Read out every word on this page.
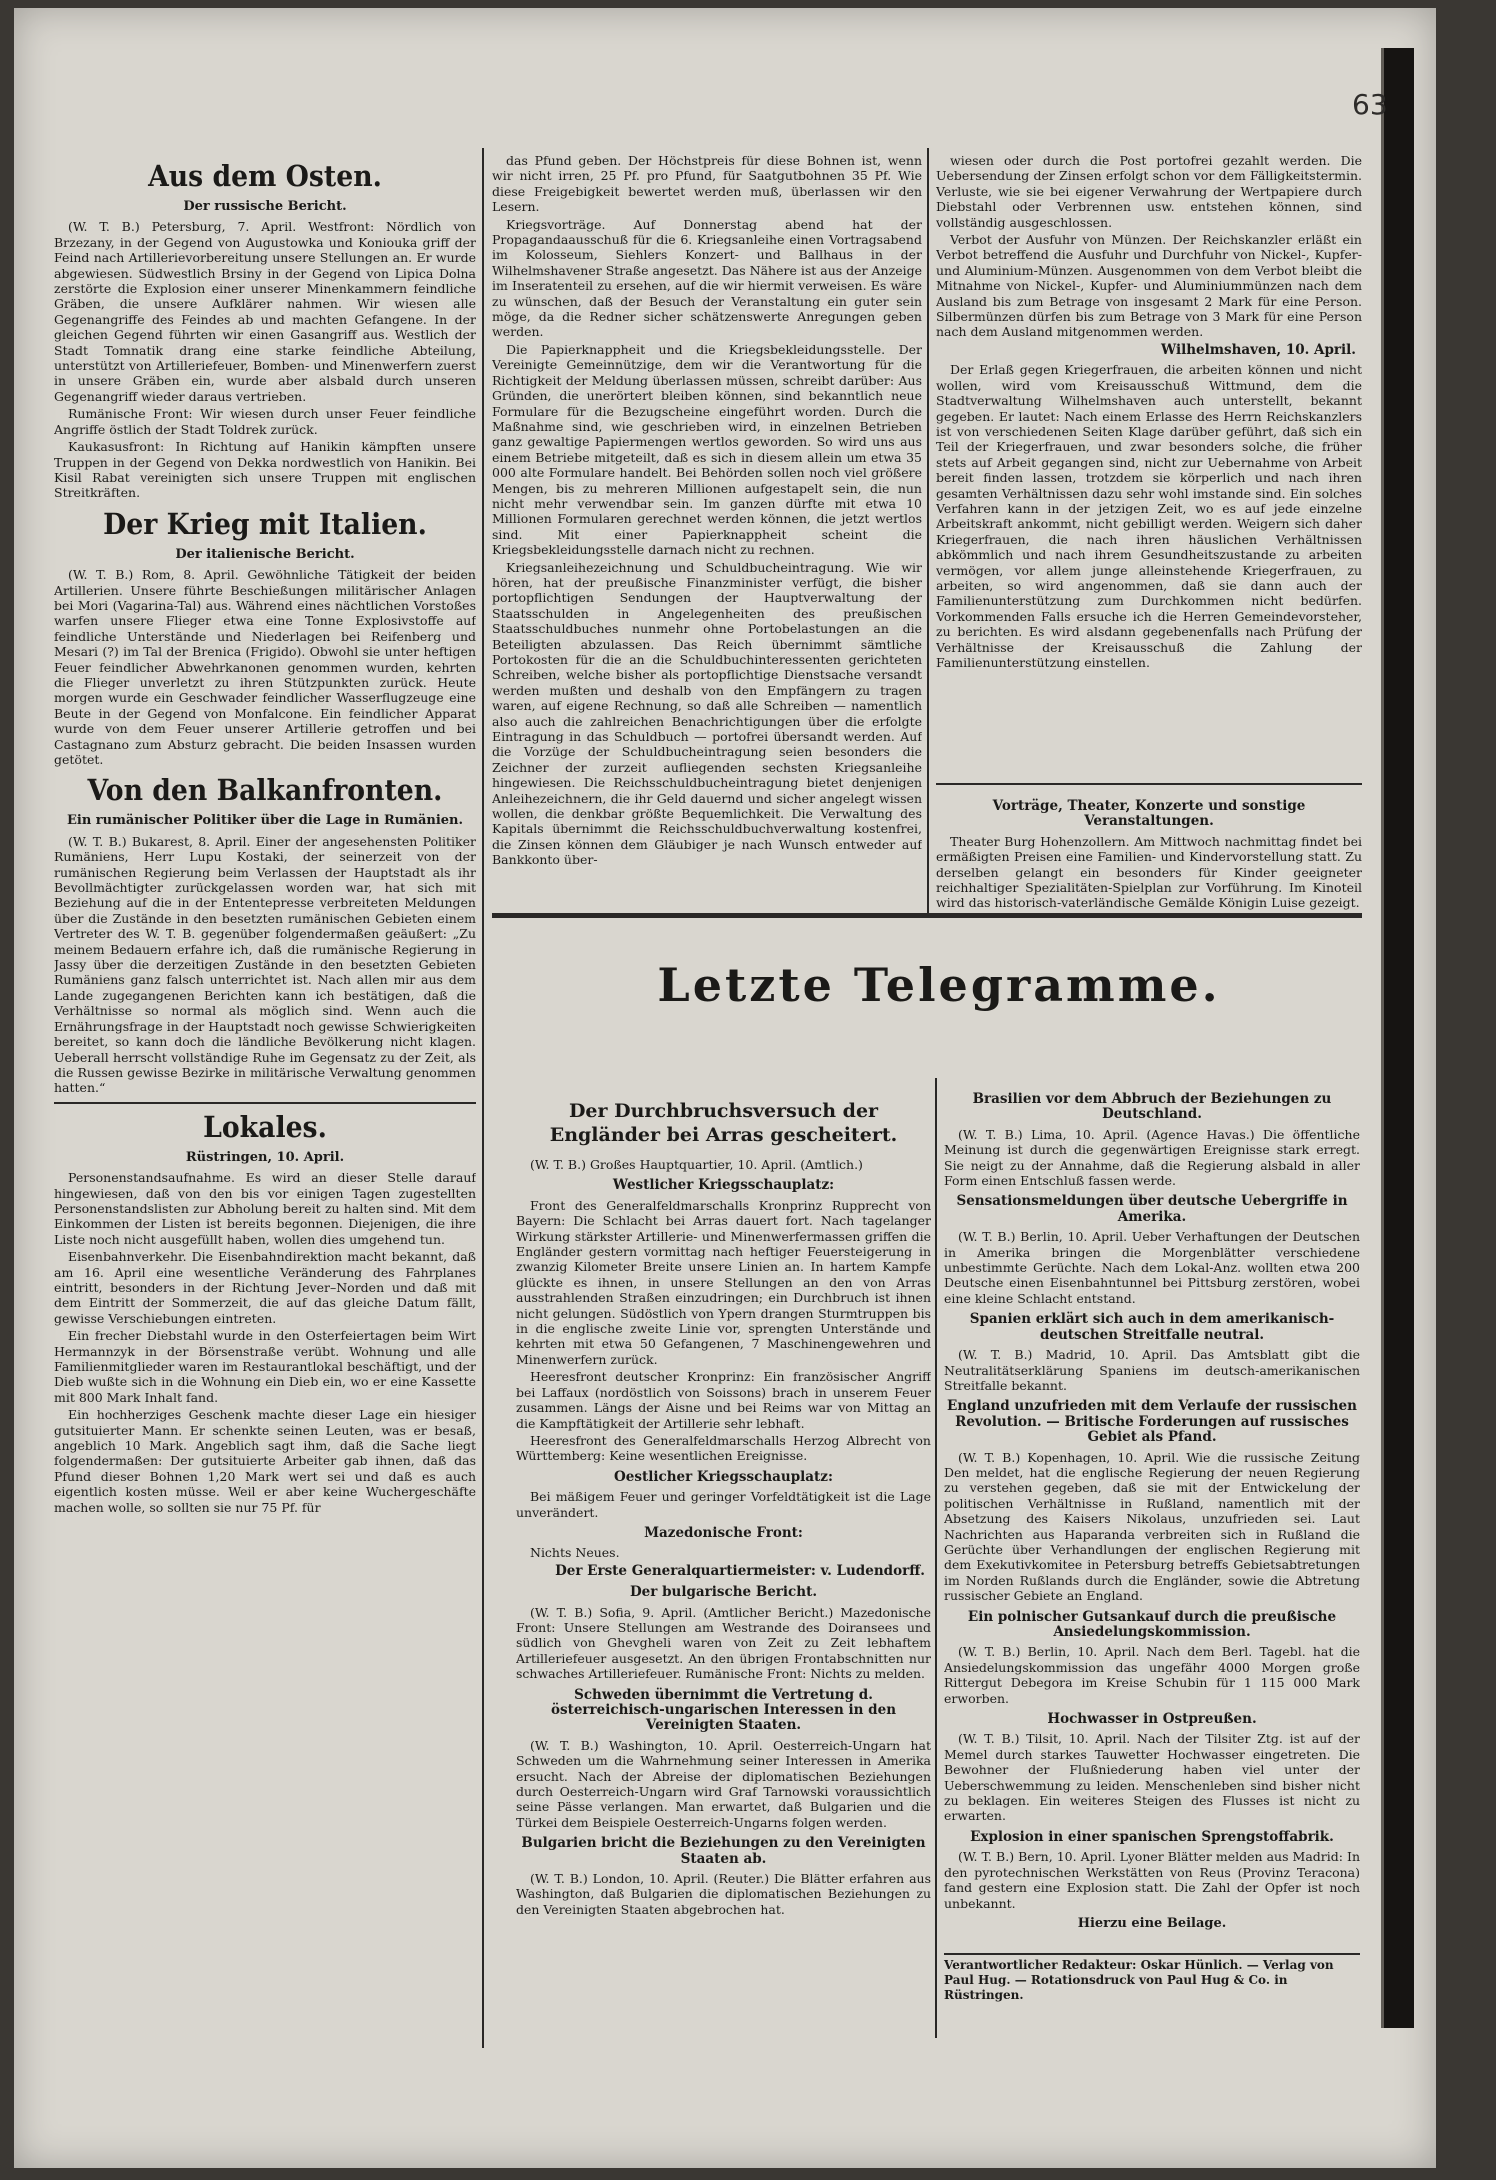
63
Aus dem Osten.
Der russische Bericht.

(W. T. B.) Petersburg, 7. April. Westfront: Nördlich von Brzezany, in der Gegend von Augustowka und Koniouka griff der Feind nach Artillerievorbereitung unsere Stellungen an. Er wurde abgewiesen. Südwestlich Brsiny in der Gegend von Lipica Dolna zerstörte die Explosion einer unserer Minenkammern feindliche Gräben, die unsere Aufklärer nahmen. Wir wiesen alle Gegenangriffe des Feindes ab und machten Gefangene. In der gleichen Gegend führten wir einen Gasangriff aus. Westlich der Stadt Tomnatik drang eine starke feindliche Abteilung, unterstützt von Artilleriefeuer, Bomben- und Minenwerfern zuerst in unsere Gräben ein, wurde aber alsbald durch unseren Gegenangriff wieder daraus vertrieben.

Rumänische Front: Wir wiesen durch unser Feuer feindliche Angriffe östlich der Stadt Toldrek zurück.

Kaukasusfront: In Richtung auf Hanikin kämpften unsere Truppen in der Gegend von Dekka nordwestlich von Hanikin. Bei Kisil Rabat vereinigten sich unsere Truppen mit englischen Streitkräften.

Der Krieg mit Italien.
Der italienische Bericht.

(W. T. B.) Rom, 8. April. Gewöhnliche Tätigkeit der beiden Artillerien. Unsere führte Beschießungen militärischer Anlagen bei Mori (Vagarina-Tal) aus. Während eines nächtlichen Vorstoßes warfen unsere Flieger etwa eine Tonne Explosivstoffe auf feindliche Unterstände und Niederlagen bei Reifenberg und Mesari (?) im Tal der Brenica (Frigido). Obwohl sie unter heftigen Feuer feindlicher Abwehrkanonen genommen wurden, kehrten die Flieger unverletzt zu ihren Stützpunkten zurück. Heute morgen wurde ein Geschwader feindlicher Wasserflugzeuge eine Beute in der Gegend von Monfalcone. Ein feindlicher Apparat wurde von dem Feuer unserer Artillerie getroffen und bei Castagnano zum Absturz gebracht. Die beiden Insassen wurden getötet.

Von den Balkanfronten.
Ein rumänischer Politiker über die Lage in Rumänien.

(W. T. B.) Bukarest, 8. April. Einer der angesehensten Politiker Rumäniens, Herr Lupu Kostaki, der seinerzeit von der rumänischen Regierung beim Verlassen der Hauptstadt als ihr Bevollmächtigter zurückgelassen worden war, hat sich mit Beziehung auf die in der Ententepresse verbreiteten Meldungen über die Zustände in den besetzten rumänischen Gebieten einem Vertreter des W. T. B. gegenüber folgendermaßen geäußert: „Zu meinem Bedauern erfahre ich, daß die rumänische Regierung in Jassy über die derzeitigen Zustände in den besetzten Gebieten Rumäniens ganz falsch unterrichtet ist. Nach allen mir aus dem Lande zugegangenen Berichten kann ich bestätigen, daß die Verhältnisse so normal als möglich sind. Wenn auch die Ernährungsfrage in der Hauptstadt noch gewisse Schwierigkeiten bereitet, so kann doch die ländliche Bevölkerung nicht klagen. Ueberall herrscht vollständige Ruhe im Gegensatz zu der Zeit, als die Russen gewisse Bezirke in militärische Verwaltung genommen hatten.“

Lokales.
Rüstringen, 10. April.

Personenstandsaufnahme. Es wird an dieser Stelle darauf hingewiesen, daß von den bis vor einigen Tagen zugestellten Personenstandslisten zur Abholung bereit zu halten sind. Mit dem Einkommen der Listen ist bereits begonnen. Diejenigen, die ihre Liste noch nicht ausgefüllt haben, wollen dies umgehend tun.

Eisenbahnverkehr. Die Eisenbahndirektion macht bekannt, daß am 16. April eine wesentliche Veränderung des Fahrplanes eintritt, besonders in der Richtung Jever–Norden und daß mit dem Eintritt der Sommerzeit, die auf das gleiche Datum fällt, gewisse Verschiebungen eintreten.

Ein frecher Diebstahl wurde in den Osterfeiertagen beim Wirt Hermannzyk in der Börsenstraße verübt. Wohnung und alle Familienmitglieder waren im Restaurantlokal beschäftigt, und der Dieb wußte sich in die Wohnung ein Dieb ein, wo er eine Kassette mit 800 Mark Inhalt fand.

Ein hochherziges Geschenk machte dieser Lage ein hiesiger gutsituierter Mann. Er schenkte seinen Leuten, was er besaß, angeblich 10 Mark. Angeblich sagt ihm, daß die Sache liegt folgendermaßen: Der gutsituierte Arbeiter gab ihnen, daß das Pfund dieser Bohnen 1,20 Mark wert sei und daß es auch eigentlich kosten müsse. Weil er aber keine Wuchergeschäfte machen wolle, so sollten sie nur 75 Pf. für

das Pfund geben. Der Höchstpreis für diese Bohnen ist, wenn wir nicht irren, 25 Pf. pro Pfund, für Saatgutbohnen 35 Pf. Wie diese Freigebigkeit bewertet werden muß, überlassen wir den Lesern.

Kriegsvorträge. Auf Donnerstag abend hat der Propagandaausschuß für die 6. Kriegsanleihe einen Vortragsabend im Kolosseum, Siehlers Konzert- und Ballhaus in der Wilhelmshavener Straße angesetzt. Das Nähere ist aus der Anzeige im Inseratenteil zu ersehen, auf die wir hiermit verweisen. Es wäre zu wünschen, daß der Besuch der Veranstaltung ein guter sein möge, da die Redner sicher schätzenswerte Anregungen geben werden.

Die Papierknappheit und die Kriegsbekleidungsstelle. Der Vereinigte Gemeinnützige, dem wir die Verantwortung für die Richtigkeit der Meldung überlassen müssen, schreibt darüber: Aus Gründen, die unerörtert bleiben können, sind bekanntlich neue Formulare für die Bezugscheine eingeführt worden. Durch die Maßnahme sind, wie geschrieben wird, in einzelnen Betrieben ganz gewaltige Papiermengen wertlos geworden. So wird uns aus einem Betriebe mitgeteilt, daß es sich in diesem allein um etwa 35 000 alte Formulare handelt. Bei Behörden sollen noch viel größere Mengen, bis zu mehreren Millionen aufgestapelt sein, die nun nicht mehr verwendbar sein. Im ganzen dürfte mit etwa 10 Millionen Formularen gerechnet werden können, die jetzt wertlos sind. Mit einer Papierknappheit scheint die Kriegsbekleidungsstelle darnach nicht zu rechnen.

Kriegsanleihezeichnung und Schuldbucheintragung. Wie wir hören, hat der preußische Finanzminister verfügt, die bisher portopflichtigen Sendungen der Hauptverwaltung der Staatsschulden in Angelegenheiten des preußischen Staatsschuldbuches nunmehr ohne Portobelastungen an die Beteiligten abzulassen. Das Reich übernimmt sämtliche Portokosten für die an die Schuldbuchinteressenten gerichteten Schreiben, welche bisher als portopflichtige Dienstsache versandt werden mußten und deshalb von den Empfängern zu tragen waren, auf eigene Rechnung, so daß alle Schreiben — namentlich also auch die zahlreichen Benachrichtigungen über die erfolgte Eintragung in das Schuldbuch — portofrei übersandt werden. Auf die Vorzüge der Schuldbucheintragung seien besonders die Zeichner der zurzeit aufliegenden sechsten Kriegsanleihe hingewiesen. Die Reichsschuldbucheintragung bietet denjenigen Anleihezeichnern, die ihr Geld dauernd und sicher angelegt wissen wollen, die denkbar größte Bequemlichkeit. Die Verwaltung des Kapitals übernimmt die Reichsschuldbuchverwaltung kostenfrei, die Zinsen können dem Gläubiger je nach Wunsch entweder auf Bankkonto über-

wiesen oder durch die Post portofrei gezahlt werden. Die Uebersendung der Zinsen erfolgt schon vor dem Fälligkeitstermin. Verluste, wie sie bei eigener Verwahrung der Wertpapiere durch Diebstahl oder Verbrennen usw. entstehen können, sind vollständig ausgeschlossen.

Verbot der Ausfuhr von Münzen. Der Reichskanzler erläßt ein Verbot betreffend die Ausfuhr und Durchfuhr von Nickel-, Kupfer- und Aluminium-Münzen. Ausgenommen von dem Verbot bleibt die Mitnahme von Nickel-, Kupfer- und Aluminiummünzen nach dem Ausland bis zum Betrage von insgesamt 2 Mark für eine Person. Silbermünzen dürfen bis zum Betrage von 3 Mark für eine Person nach dem Ausland mitgenommen werden.

Wilhelmshaven, 10. April.

Der Erlaß gegen Kriegerfrauen, die arbeiten können und nicht wollen, wird vom Kreisausschuß Wittmund, dem die Stadtverwaltung Wilhelmshaven auch unterstellt, bekannt gegeben. Er lautet: Nach einem Erlasse des Herrn Reichskanzlers ist von verschiedenen Seiten Klage darüber geführt, daß sich ein Teil der Kriegerfrauen, und zwar besonders solche, die früher stets auf Arbeit gegangen sind, nicht zur Uebernahme von Arbeit bereit finden lassen, trotzdem sie körperlich und nach ihren gesamten Verhältnissen dazu sehr wohl imstande sind. Ein solches Verfahren kann in der jetzigen Zeit, wo es auf jede einzelne Arbeitskraft ankommt, nicht gebilligt werden. Weigern sich daher Kriegerfrauen, die nach ihren häuslichen Verhältnissen abkömmlich und nach ihrem Gesundheitszustande zu arbeiten vermögen, vor allem junge alleinstehende Kriegerfrauen, zu arbeiten, so wird angenommen, daß sie dann auch der Familienunterstützung zum Durchkommen nicht bedürfen. Vorkommenden Falls ersuche ich die Herren Gemeindevorsteher, zu berichten. Es wird alsdann gegebenenfalls nach Prüfung der Verhältnisse der Kreisausschuß die Zahlung der Familienunterstützung einstellen.

Vorträge, Theater, Konzerte und sonstige Veranstaltungen.

Theater Burg Hohenzollern. Am Mittwoch nachmittag findet bei ermäßigten Preisen eine Familien- und Kindervorstellung statt. Zu derselben gelangt ein besonders für Kinder geeigneter reichhaltiger Spezialitäten-Spielplan zur Vorführung. Im Kinoteil wird das historisch-vaterländische Gemälde Königin Luise gezeigt.

Letzte Telegramme.
Der Durchbruchsversuch der Engländer bei Arras gescheitert.

(W. T. B.) Großes Hauptquartier, 10. April. (Amtlich.)

Westlicher Kriegsschauplatz:

Front des Generalfeldmarschalls Kronprinz Rupprecht von Bayern: Die Schlacht bei Arras dauert fort. Nach tagelanger Wirkung stärkster Artillerie- und Minenwerfermassen griffen die Engländer gestern vormittag nach heftiger Feuersteigerung in zwanzig Kilometer Breite unsere Linien an. In hartem Kampfe glückte es ihnen, in unsere Stellungen an den von Arras ausstrahlenden Straßen einzudringen; ein Durchbruch ist ihnen nicht gelungen. Südöstlich von Ypern drangen Sturmtruppen bis in die englische zweite Linie vor, sprengten Unterstände und kehrten mit etwa 50 Gefangenen, 7 Maschinengewehren und Minenwerfern zurück.

Heeresfront deutscher Kronprinz: Ein französischer Angriff bei Laffaux (nordöstlich von Soissons) brach in unserem Feuer zusammen. Längs der Aisne und bei Reims war von Mittag an die Kampftätigkeit der Artillerie sehr lebhaft.

Heeresfront des Generalfeldmarschalls Herzog Albrecht von Württemberg: Keine wesentlichen Ereignisse.

Oestlicher Kriegsschauplatz:

Bei mäßigem Feuer und geringer Vorfeldtätigkeit ist die Lage unverändert.

Mazedonische Front:

Nichts Neues.

Der Erste Generalquartiermeister: v. Ludendorff.
Der bulgarische Bericht.

(W. T. B.) Sofia, 9. April. (Amtlicher Bericht.) Mazedonische Front: Unsere Stellungen am Westrande des Doiransees und südlich von Ghevgheli waren von Zeit zu Zeit lebhaftem Artilleriefeuer ausgesetzt. An den übrigen Frontabschnitten nur schwaches Artilleriefeuer. Rumänische Front: Nichts zu melden.

Schweden übernimmt die Vertretung d. österreichisch-ungarischen Interessen in den Vereinigten Staaten.

(W. T. B.) Washington, 10. April. Oesterreich-Ungarn hat Schweden um die Wahrnehmung seiner Interessen in Amerika ersucht. Nach der Abreise der diplomatischen Beziehungen durch Oesterreich-Ungarn wird Graf Tarnowski voraussichtlich seine Pässe verlangen. Man erwartet, daß Bulgarien und die Türkei dem Beispiele Oesterreich-Ungarns folgen werden.

Bulgarien bricht die Beziehungen zu den Vereinigten Staaten ab.

(W. T. B.) London, 10. April. (Reuter.) Die Blätter erfahren aus Washington, daß Bulgarien die diplomatischen Beziehungen zu den Vereinigten Staaten abgebrochen hat.

Brasilien vor dem Abbruch der Beziehungen zu Deutschland.

(W. T. B.) Lima, 10. April. (Agence Havas.) Die öffentliche Meinung ist durch die gegenwärtigen Ereignisse stark erregt. Sie neigt zu der Annahme, daß die Regierung alsbald in aller Form einen Entschluß fassen werde.

Sensationsmeldungen über deutsche Uebergriffe in Amerika.

(W. T. B.) Berlin, 10. April. Ueber Verhaftungen der Deutschen in Amerika bringen die Morgenblätter verschiedene unbestimmte Gerüchte. Nach dem Lokal-Anz. wollten etwa 200 Deutsche einen Eisenbahntunnel bei Pittsburg zerstören, wobei eine kleine Schlacht entstand.

Spanien erklärt sich auch in dem amerikanisch-deutschen Streitfalle neutral.

(W. T. B.) Madrid, 10. April. Das Amtsblatt gibt die Neutralitätserklärung Spaniens im deutsch-amerikanischen Streitfalle bekannt.

England unzufrieden mit dem Verlaufe der russischen Revolution. — Britische Forderungen auf russisches Gebiet als Pfand.

(W. T. B.) Kopenhagen, 10. April. Wie die russische Zeitung Den meldet, hat die englische Regierung der neuen Regierung zu verstehen gegeben, daß sie mit der Entwickelung der politischen Verhältnisse in Rußland, namentlich mit der Absetzung des Kaisers Nikolaus, unzufrieden sei. Laut Nachrichten aus Haparanda verbreiten sich in Rußland die Gerüchte über Verhandlungen der englischen Regierung mit dem Exekutivkomitee in Petersburg betreffs Gebietsabtretungen im Norden Rußlands durch die Engländer, sowie die Abtretung russischer Gebiete an England.

Ein polnischer Gutsankauf durch die preußische Ansiedelungskommission.

(W. T. B.) Berlin, 10. April. Nach dem Berl. Tagebl. hat die Ansiedelungskommission das ungefähr 4000 Morgen große Rittergut Debegora im Kreise Schubin für 1 115 000 Mark erworben.

Hochwasser in Ostpreußen.

(W. T. B.) Tilsit, 10. April. Nach der Tilsiter Ztg. ist auf der Memel durch starkes Tauwetter Hochwasser eingetreten. Die Bewohner der Flußniederung haben viel unter der Ueberschwemmung zu leiden. Menschenleben sind bisher nicht zu beklagen. Ein weiteres Steigen des Flusses ist nicht zu erwarten.

Explosion in einer spanischen Sprengstoffabrik.

(W. T. B.) Bern, 10. April. Lyoner Blätter melden aus Madrid: In den pyrotechnischen Werkstätten von Reus (Provinz Teracona) fand gestern eine Explosion statt. Die Zahl der Opfer ist noch unbekannt.

Hierzu eine Beilage.
Verantwortlicher Redakteur: Oskar Hünlich. — Verlag von Paul Hug. — Rotationsdruck von Paul Hug & Co. in Rüstringen.
